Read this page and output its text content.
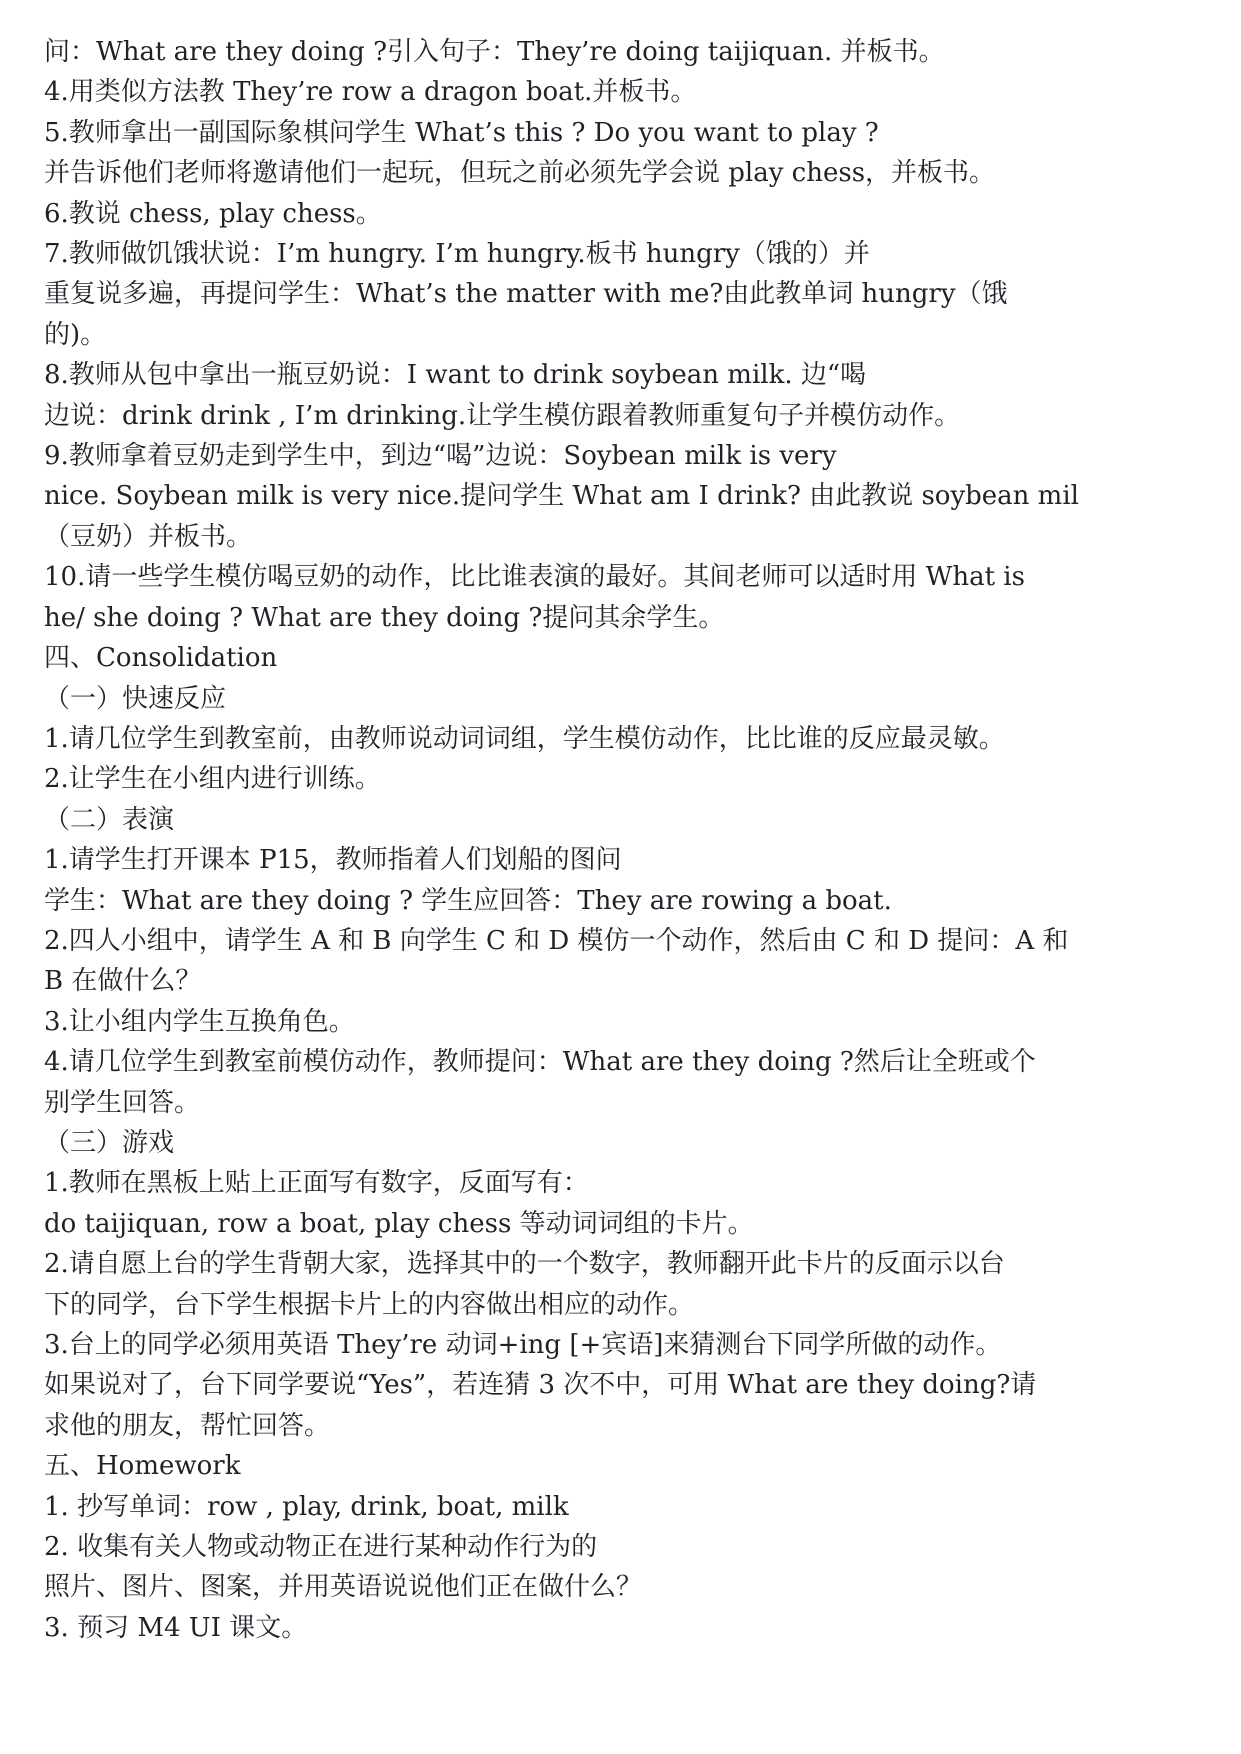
问：What are they doing ?引入句子：They’re doing taijiquan. 并板书。
4.用类似方法教 They’re row a dragon boat.并板书。
5.教师拿出一副国际象棋问学生 What’s this ? Do you want to play ?
并告诉他们老师将邀请他们一起玩，但玩之前必须先学会说 play chess，并板书。
6.教说 chess, play chess。
7.教师做饥饿状说：I’m hungry. I’m hungry.板书 hungry（饿的）并
重复说多遍，再提问学生：What’s the matter with me?由此教单词 hungry（饿
的)。
8.教师从包中拿出一瓶豆奶说：I want to drink soybean milk. 边“喝
边说：drink drink , I’m drinking.让学生模仿跟着教师重复句子并模仿动作。
9.教师拿着豆奶走到学生中，到边“喝”边说：Soybean milk is very
nice. Soybean milk is very nice.提问学生 What am I drink? 由此教说 soybean mil
（豆奶）并板书。
10.请一些学生模仿喝豆奶的动作，比比谁表演的最好。其间老师可以适时用 What is
he/ she doing ? What are they doing ?提问其余学生。
四、Consolidation
（一）快速反应
1.请几位学生到教室前，由教师说动词词组，学生模仿动作，比比谁的反应最灵敏。
2.让学生在小组内进行训练。
（二）表演
1.请学生打开课本 P15，教师指着人们划船的图问
学生：What are they doing ? 学生应回答：They are rowing a boat.
2.四人小组中，请学生 A 和 B 向学生 C 和 D 模仿一个动作，然后由 C 和 D 提问：A 和
B 在做什么？
3.让小组内学生互换角色。
4.请几位学生到教室前模仿动作，教师提问：What are they doing ?然后让全班或个
别学生回答。
（三）游戏
1.教师在黑板上贴上正面写有数字，反面写有：
do taijiquan, row a boat, play chess 等动词词组的卡片。
2.请自愿上台的学生背朝大家，选择其中的一个数字，教师翻开此卡片的反面示以台
下的同学，台下学生根据卡片上的内容做出相应的动作。
3.台上的同学必须用英语 They’re 动词+ing [+宾语]来猜测台下同学所做的动作。
如果说对了，台下同学要说“Yes”，若连猜 3 次不中，可用 What are they doing?请
求他的朋友，帮忙回答。
五、Homework
1. 抄写单词：row , play, drink, boat, milk
2. 收集有关人物或动物正在进行某种动作行为的
照片、图片、图案，并用英语说说他们正在做什么？
3. 预习 M4 UI 课文。
